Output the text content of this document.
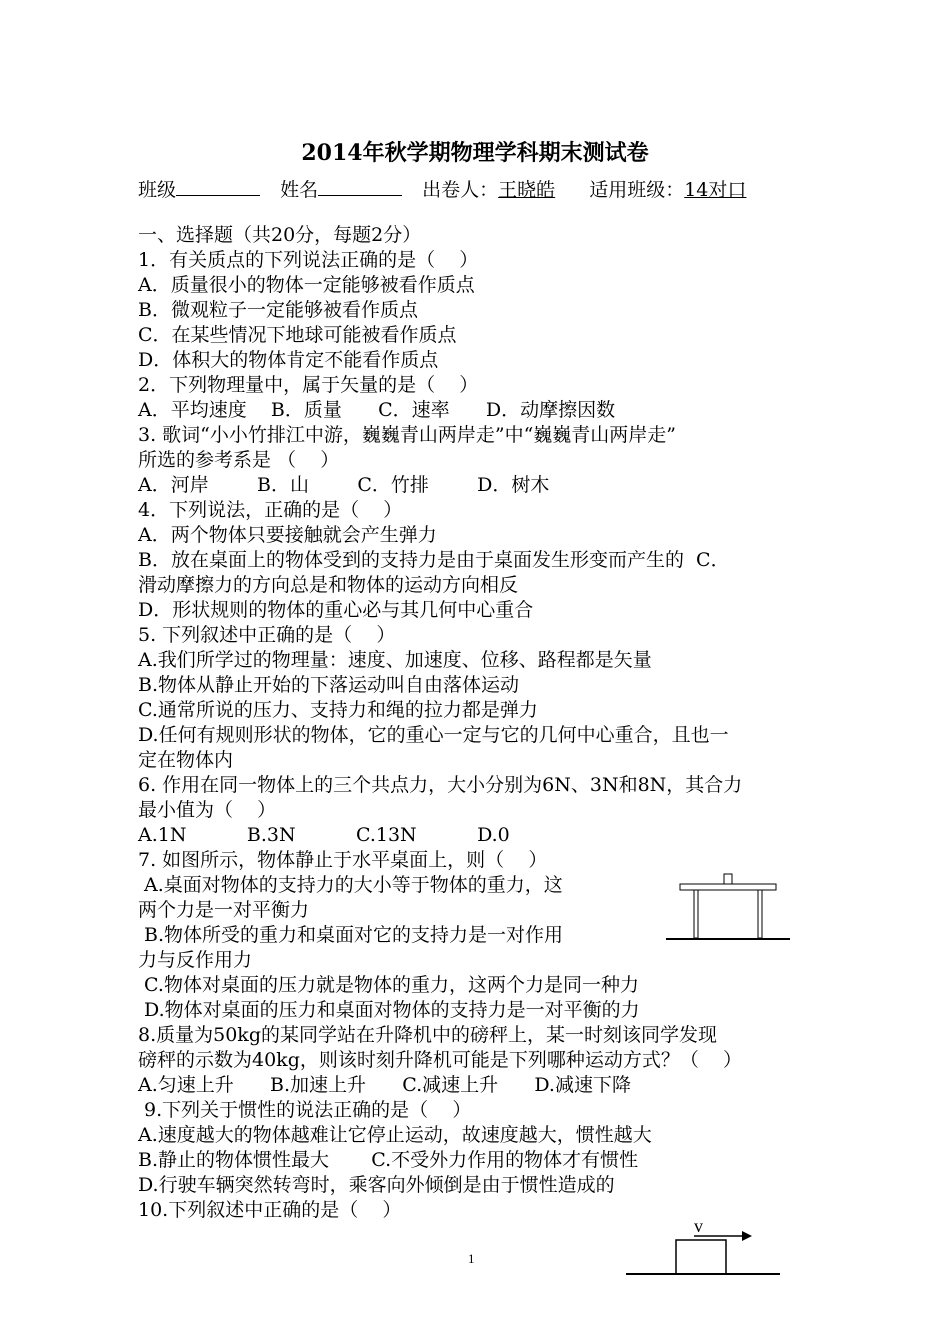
2014年秋学期物理学科期末测试卷
班级	姓名	出卷人：王晓皓 适用班级：14对口
一、选择题（共20分，每题2分）
1．有关质点的下列说法正确的是（    ）
A．质量很小的物体一定能够被看作质点
B．微观粒子一定能够被看作质点
C．在某些情况下地球可能被看作质点
D．体积大的物体肯定不能看作质点
2．下列物理量中，属于矢量的是（    ）
A．平均速度    B．质量      C．速率      D．动摩擦因数
3. 歌词“小小竹排江中游，巍巍青山两岸走”中“巍巍青山两岸走”
所选的参考系是 （    ）
A．河岸        B．山        C．竹排        D．树木
4．下列说法，正确的是（    ）
A．两个物体只要接触就会产生弹力
B．放在桌面上的物体受到的支持力是由于桌面发生形变而产生的  C．
滑动摩擦力的方向总是和物体的运动方向相反
D．形状规则的物体的重心必与其几何中心重合
5. 下列叙述中正确的是（    ）
A.我们所学过的物理量：速度、加速度、位移、路程都是矢量
B.物体从静止开始的下落运动叫自由落体运动
C.通常所说的压力、支持力和绳的拉力都是弹力
D.任何有规则形状的物体，它的重心一定与它的几何中心重合，且也一
定在物体内
6. 作用在同一物体上的三个共点力，大小分别为6N、3N和8N，其合力
最小值为（    ）
A.1N          B.3N          C.13N          D.0
7. 如图所示，物体静止于水平桌面上，则（    ）
A.桌面对物体的支持力的大小等于物体的重力，这
两个力是一对平衡力
B.物体所受的重力和桌面对它的支持力是一对作用
力与反作用力
C.物体对桌面的压力就是物体的重力，这两个力是同一种力
D.物体对桌面的压力和桌面对物体的支持力是一对平衡的力
8.质量为50kg的某同学站在升降机中的磅秤上，某一时刻该同学发现
磅秤的示数为40kg，则该时刻升降机可能是下列哪种运动方式？（    ）
A.匀速上升      B.加速上升      C.减速上升      D.减速下降
9.下列关于惯性的说法正确的是（    ）
A.速度越大的物体越难让它停止运动，故速度越大，惯性越大
B.静止的物体惯性最大       C.不受外力作用的物体才有惯性
D.行驶车辆突然转弯时，乘客向外倾倒是由于惯性造成的
10.下列叙述中正确的是（    ）
v
1
